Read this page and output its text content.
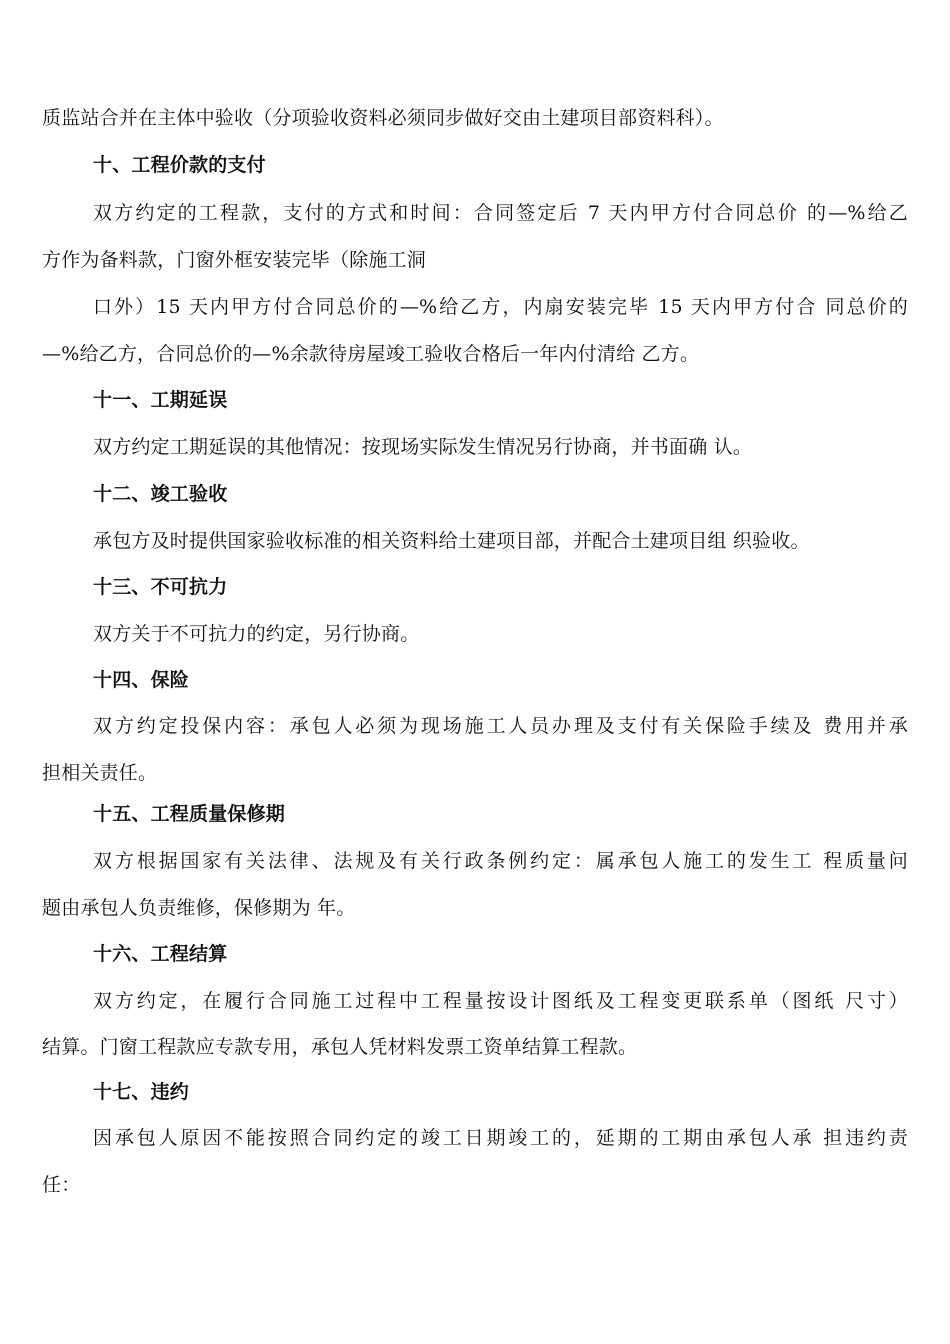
质监站合并在主体中验收（分项验收资料必须同步做好交由土建项目部资料科）。
十、工程价款的支付
双方约定的工程款，支付的方式和时间：合同签定后 7 天内甲方付合同总价 的—%给乙
方作为备料款，门窗外框安装完毕（除施工洞
口外）15 天内甲方付合同总价的—%给乙方，内扇安装完毕 15 天内甲方付合 同总价的
—%给乙方，合同总价的—%余款待房屋竣工验收合格后一年内付清给 乙方。
十一、工期延误
双方约定工期延误的其他情况：按现场实际发生情况另行协商，并书面确 认。
十二、竣工验收
承包方及时提供国家验收标准的相关资料给土建项目部，并配合土建项目组 织验收。
十三、不可抗力
双方关于不可抗力的约定，另行协商。
十四、保险
双方约定投保内容：承包人必须为现场施工人员办理及支付有关保险手续及 费用并承
担相关责任。
十五、工程质量保修期
双方根据国家有关法律、法规及有关行政条例约定：属承包人施工的发生工 程质量问
题由承包人负责维修，保修期为 年。
十六、工程结算
双方约定，在履行合同施工过程中工程量按设计图纸及工程变更联系单（图纸 尺寸）
结算。门窗工程款应专款专用，承包人凭材料发票工资单结算工程款。
十七、违约
因承包人原因不能按照合同约定的竣工日期竣工的，延期的工期由承包人承 担违约责
任：
